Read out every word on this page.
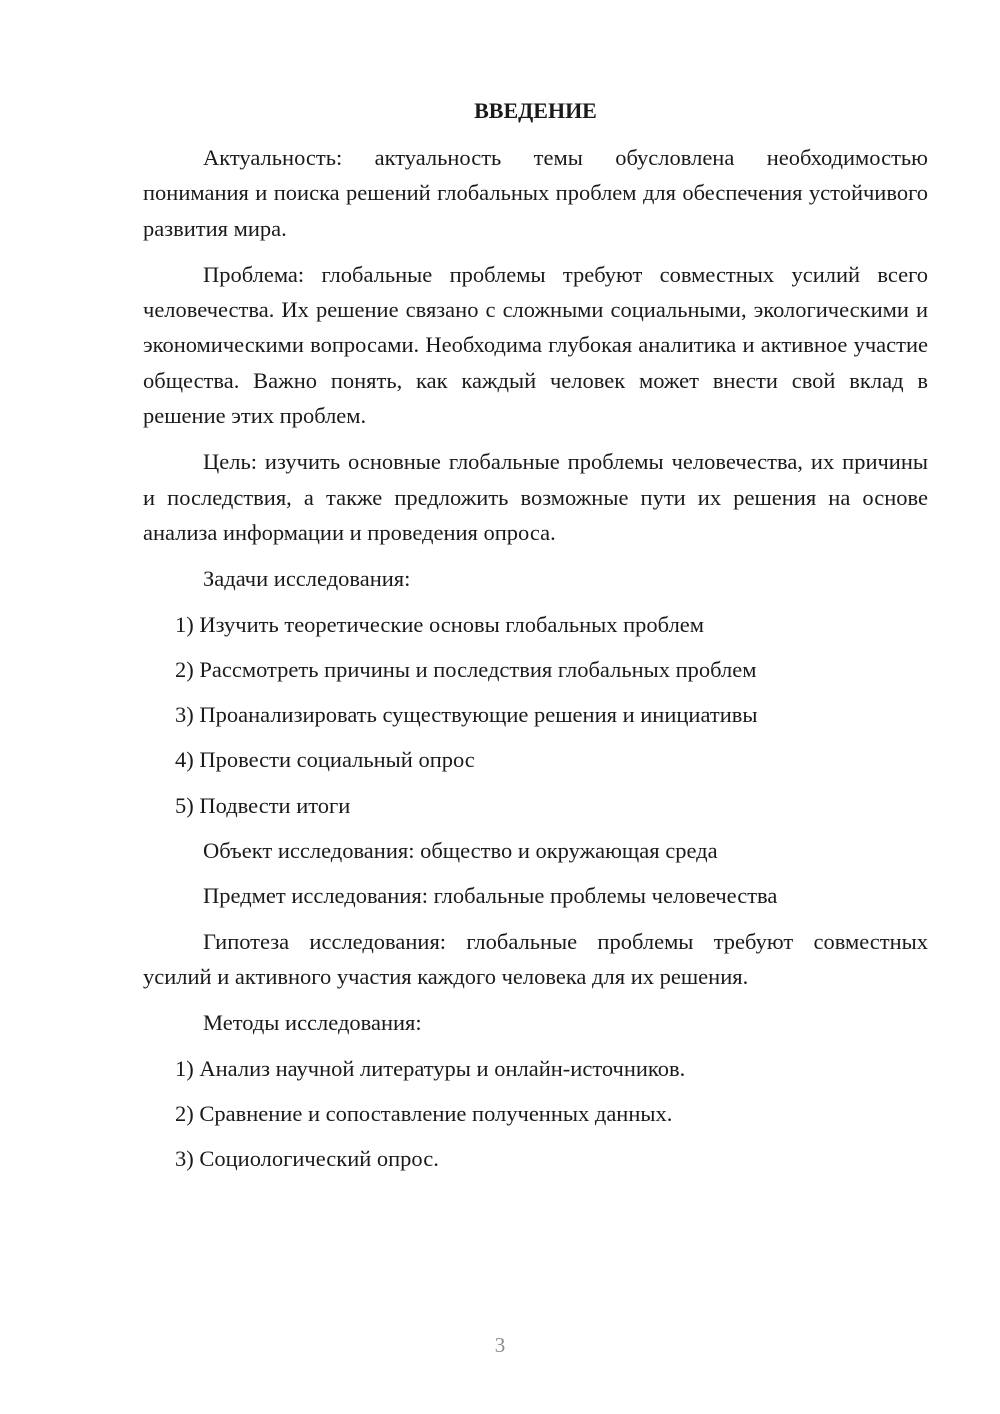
ВВЕДЕНИЕ

Актуальность: актуальность темы обусловлена необходимостью понимания и поиска решений глобальных проблем для обеспечения устойчивого развития мира.

Проблема: глобальные проблемы требуют совместных усилий всего человечества. Их решение связано с сложными социальными, экологическими и экономическими вопросами. Необходима глубокая аналитика и активное участие общества. Важно понять, как каждый человек может внести свой вклад в решение этих проблем.

Цель: изучить основные глобальные проблемы человечества, их причины и последствия, а также предложить возможные пути их решения на основе анализа информации и проведения опроса.

Задачи исследования:

1) Изучить теоретические основы глобальных проблем

2) Рассмотреть причины и последствия глобальных проблем

3) Проанализировать существующие решения и инициативы

4) Провести социальный опрос

5) Подвести итоги

Объект исследования: общество и окружающая среда

Предмет исследования: глобальные проблемы человечества

Гипотеза исследования: глобальные проблемы требуют совместных усилий и активного участия каждого человека для их решения.

Методы исследования:

1) Анализ научной литературы и онлайн-источников.

2) Сравнение и сопоставление полученных данных.

3) Социологический опрос.

3
